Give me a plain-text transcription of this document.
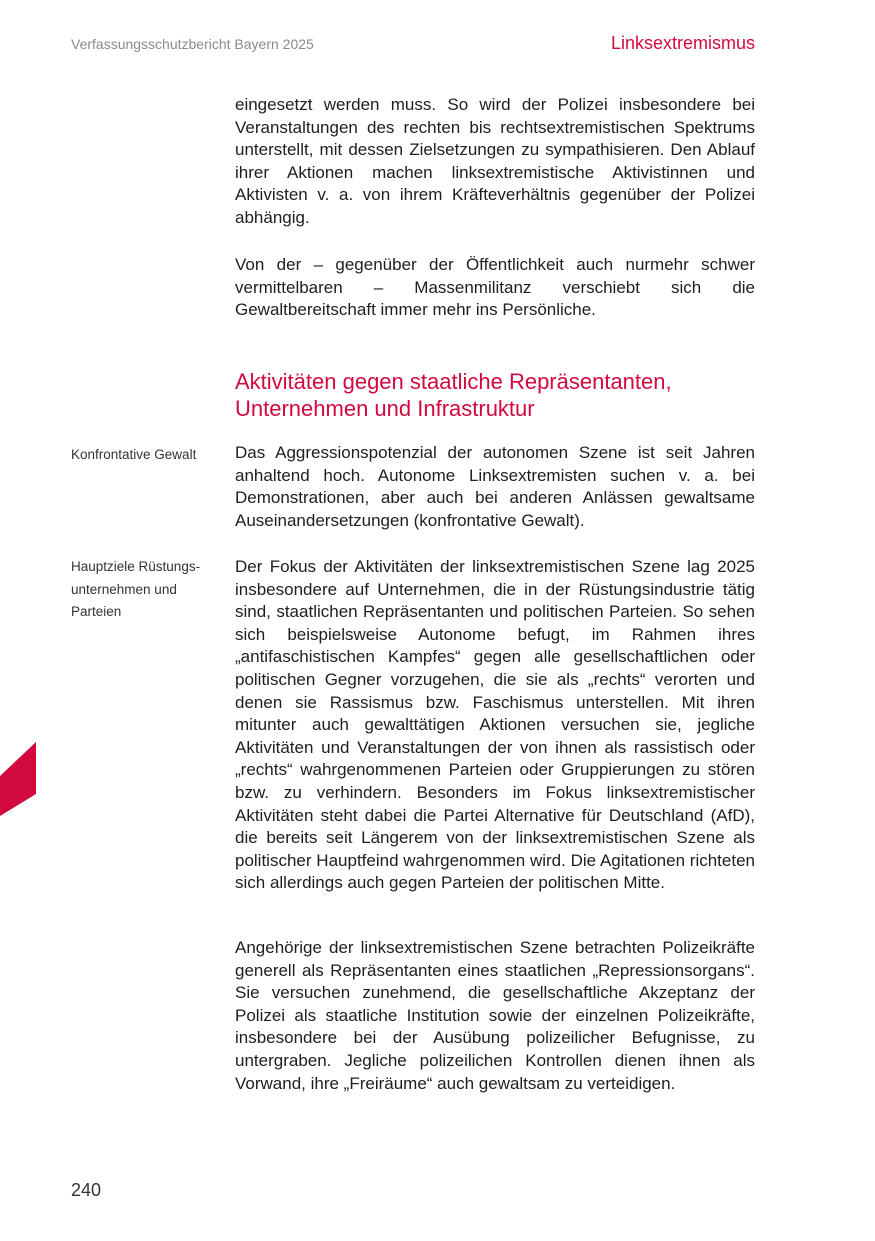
Verfassungsschutzbericht Bayern 2025	Linksextremismus

eingesetzt werden muss. So wird der Polizei insbesondere bei Veranstaltungen des rechten bis rechtsextremistischen Spektrums unterstellt, mit dessen Zielsetzungen zu sympathisieren. Den Ablauf ihrer Aktionen machen linksextremistische Aktivistinnen und Aktivisten v. a. von ihrem Kräfteverhältnis gegenüber der Polizei abhängig.

Von der – gegenüber der Öffentlichkeit auch nurmehr schwer vermittelbaren – Massenmilitanz verschiebt sich die Gewaltbereitschaft immer mehr ins Persönliche.

Aktivitäten gegen staatliche Repräsentanten,
Unternehmen und Infrastruktur

Konfrontative Gewalt	Das Aggressionspotenzial der autonomen Szene ist seit Jahren anhaltend hoch. Autonome Linksextremisten suchen v. a. bei Demonstrationen, aber auch bei anderen Anlässen gewaltsame Auseinandersetzungen (konfrontative Gewalt).

Hauptziele Rüstungs-
unternehmen und
Parteien

Der Fokus der Aktivitäten der linksextremistischen Szene lag 2025 insbesondere auf Unternehmen, die in der Rüstungsindustrie tätig sind, staatlichen Repräsentanten und politischen Parteien. So sehen sich beispielsweise Autonome befugt, im Rahmen ihres „antifaschistischen Kampfes“ gegen alle gesellschaftlichen oder politischen Gegner vorzugehen, die sie als „rechts“ verorten und denen sie Rassismus bzw. Faschismus unterstellen. Mit ihren mitunter auch gewalttätigen Aktionen versuchen sie, jegliche Aktivitäten und Veranstaltungen der von ihnen als rassistisch oder „rechts“ wahrgenommenen Parteien oder Gruppierungen zu stören bzw. zu verhindern. Besonders im Fokus linksextremistischer Aktivitäten steht dabei die Partei Alternative für Deutschland (AfD), die bereits seit Längerem von der linksextremistischen Szene als politischer Hauptfeind wahrgenommen wird. Die Agitationen richteten sich allerdings auch gegen Parteien der politischen Mitte.

Angehörige der linksextremistischen Szene betrachten Polizeikräfte generell als Repräsentanten eines staatlichen „Repressionsorgans“. Sie versuchen zunehmend, die gesellschaftliche Akzeptanz der Polizei als staatliche Institution sowie der einzelnen Polizeikräfte, insbesondere bei der Ausübung polizeilicher Befugnisse, zu untergraben. Jegliche polizeilichen Kontrollen dienen ihnen als Vorwand, ihre „Freiräume“ auch gewaltsam zu verteidigen.

240
